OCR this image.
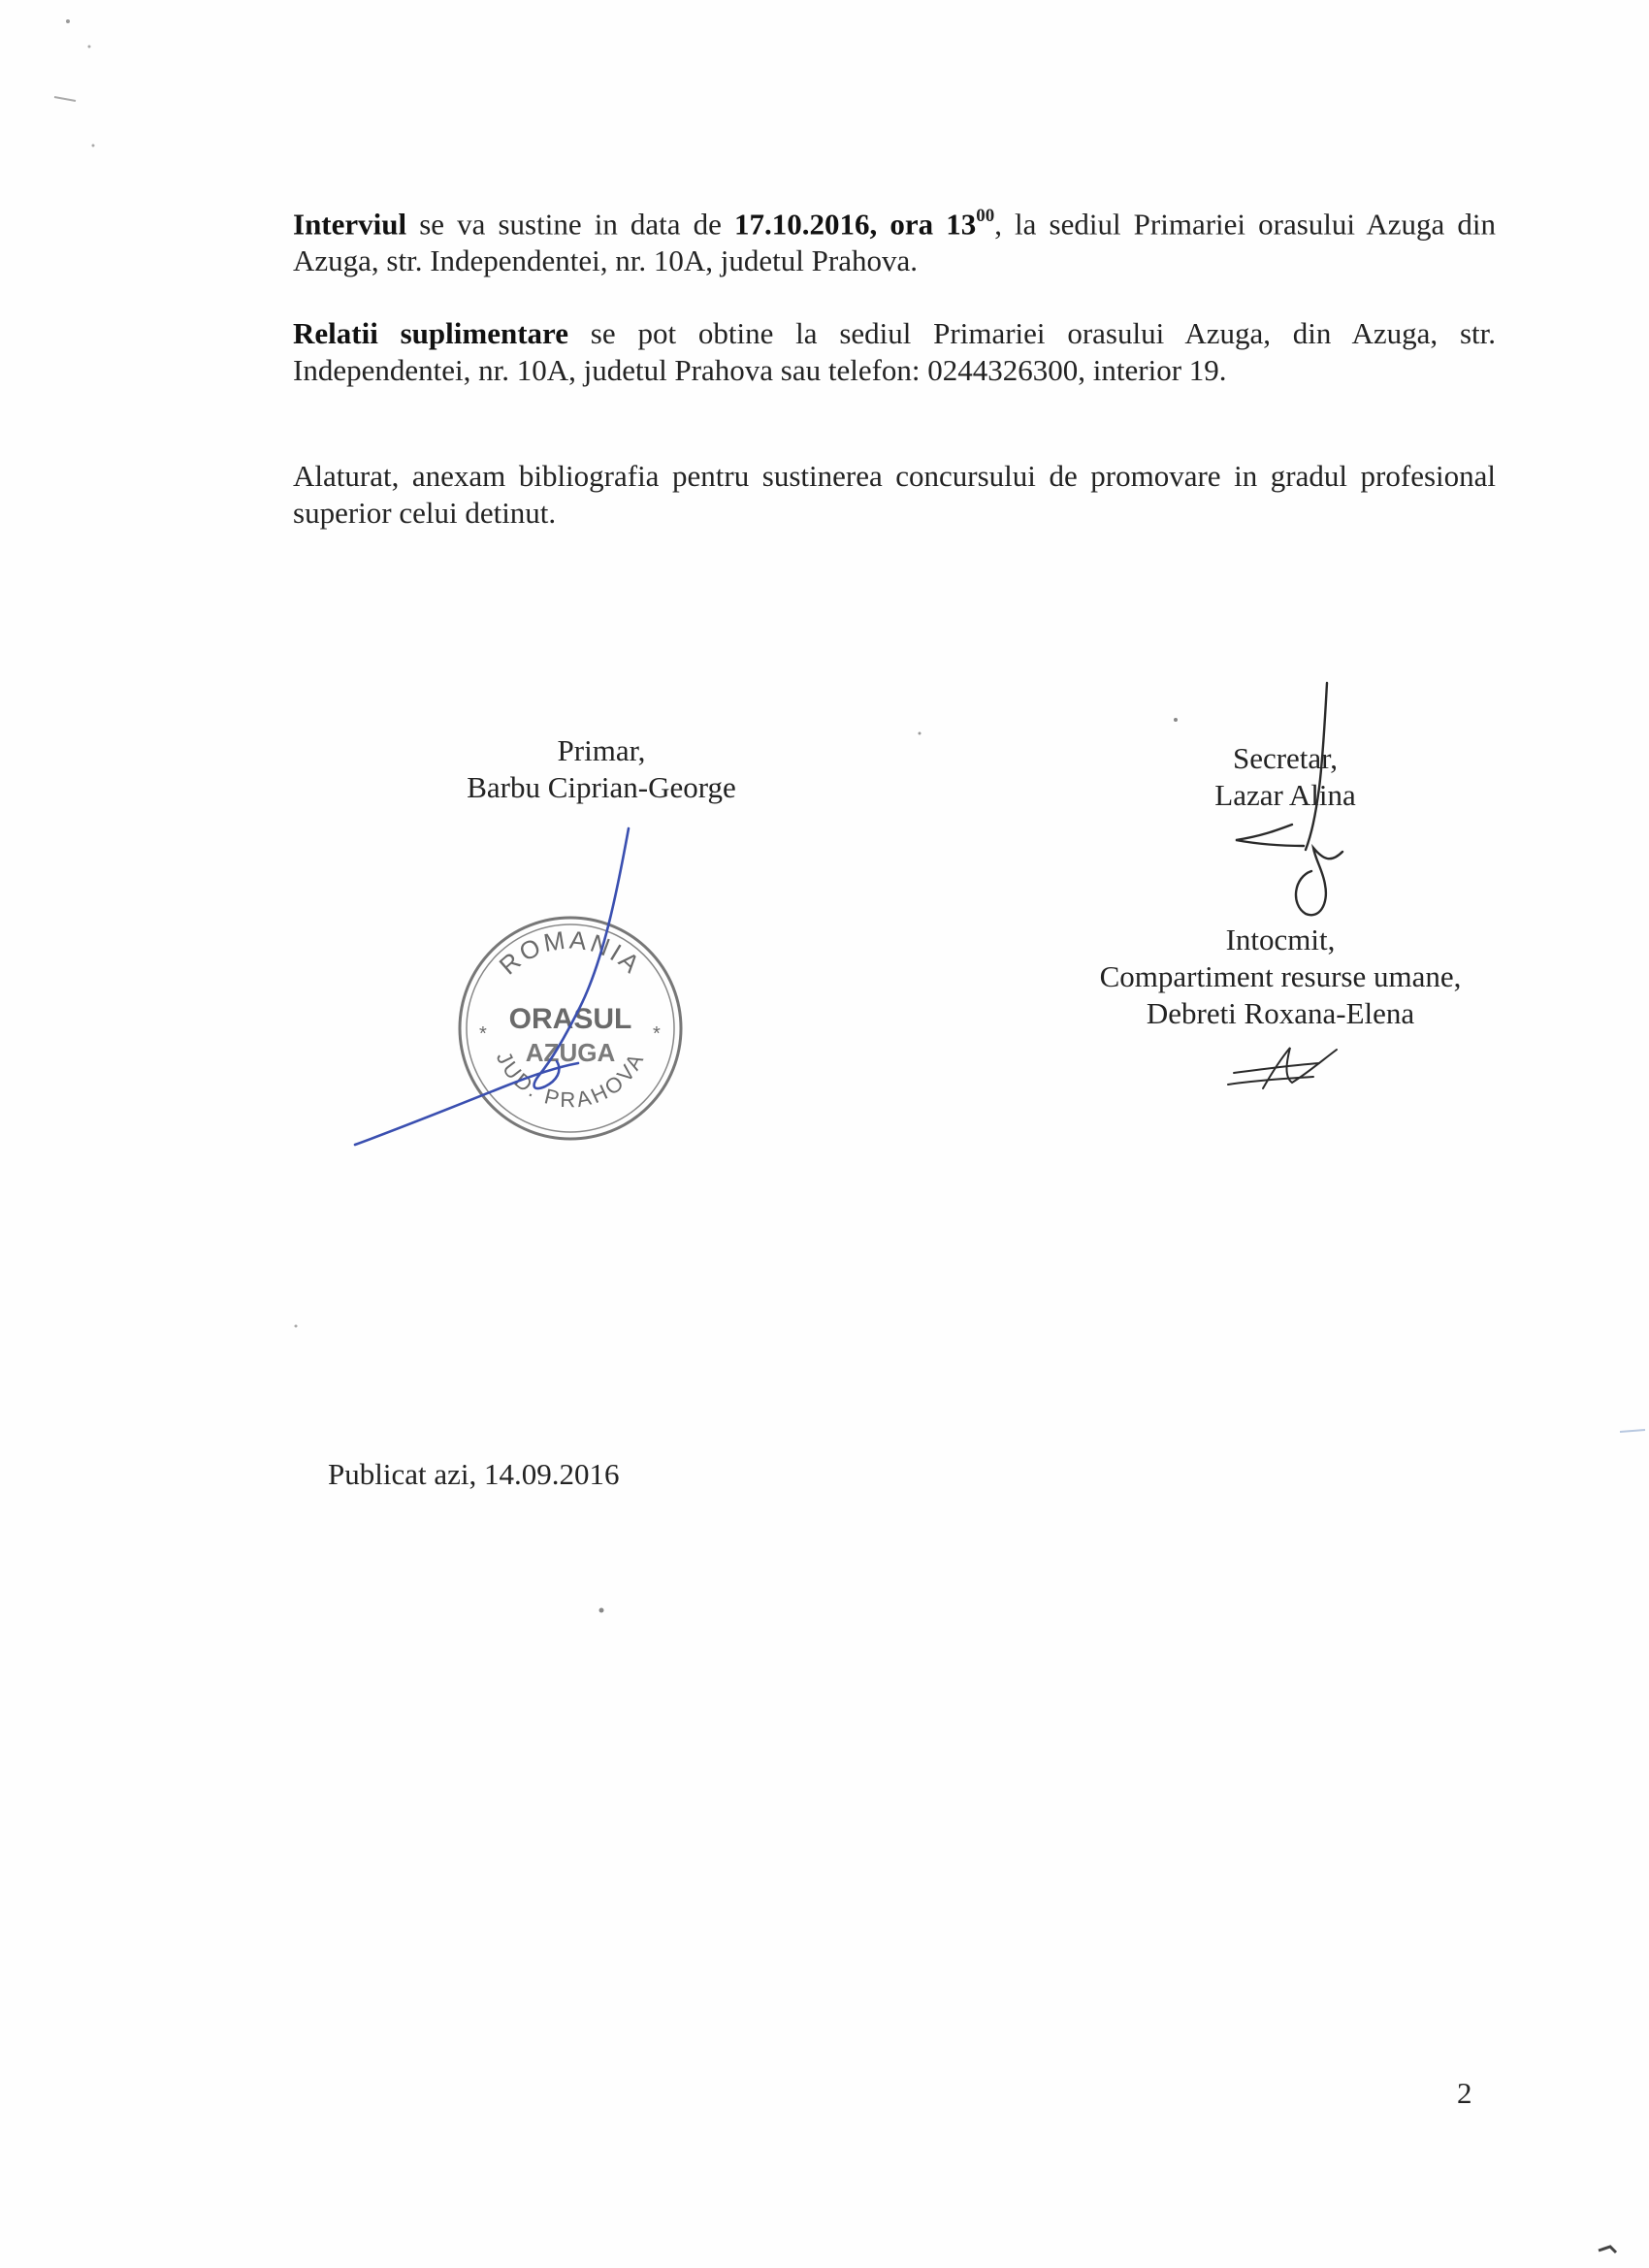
Interviul se va sustine in data de 17.10.2016, ora $13^{00}$, la sediul Primariei orasului Azuga din Azuga, str. Independentei, nr. 10A, judetul Prahova.
Relatii suplimentare se pot obtine la sediul Primariei orasului Azuga, din Azuga, str. Independentei, nr. 10A, judetul Prahova sau telefon: 0244326300, interior 19.
Alaturat, anexam bibliografia pentru sustinerea concursului de promovare in gradul profesional superior celui detinut.
Primar,
Barbu Ciprian-George
Secretar,
Lazar Alina
Intocmit,
Compartiment resurse umane,
Debreti Roxana-Elena
ROMANIA
ORASUL
AZUGA
JUD. PRAHOVA
*	*
Publicat azi, 14.09.2016
2
